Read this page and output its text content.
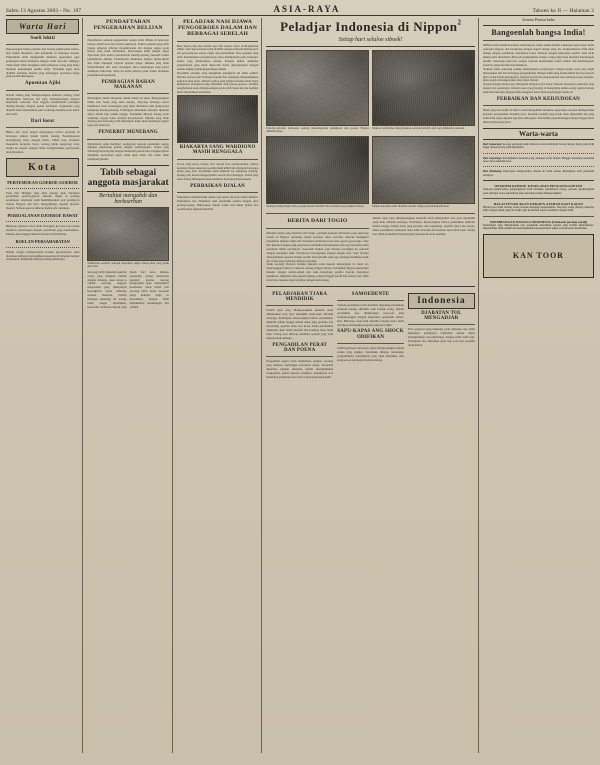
Sabtu 13 Agustus 2603 - No. 197	ASIA-RAYA	Tahoen ke II — Halaman 2
Warta Hari
Soeli lekiti
Kekoerangan bahan pakaian dan barang kebutoehan sehari-hari masih dirasakan oleh penduduk di beberapa daerah. Pemerintah telah mengambil tindakan seperlunya agar pembagian dapat berdjalan dengan tertib dan adil, sehingga rakjat ketjil tidak dirugikan oleh perbuatan orang jang hanja mentjari keuntungan sendiri sadja. Tindakan tegas akan diambil terhadap mereka jang melanggar peraturan harga jang soedah ditetapkan.
Apoentan Ajibi
Dalam sidang jang dilangsoengkan kemarin petang, telah dibitjarakan beberapa hal jang berhoeboengan dengan keperluan oemoem. Para anggota memberikan pendapat masing-masing dengan penuh perhatian. Keputusan jang diambil akan diumumkan pada waktunja melalui surat kabar dan radio.
Dari loear
Berita dari loear negeri menjatakan bahwa keadaan di beberapa tempat masih belum tenang. Pertempoeran berlangsung terus dengan hebat. Pihak jang bertahan menderita kerugian besar, sedang pihak penjerang terus madju ke moeka dengan tidak menghiraukan perlawanan jang diberikan.
Kota
PERTEMOEAN GOEROE-GOEROE
Pada hari Minggu jang akan datang akan diadakan pertemuan goeroe-goeroe sekolah rakjat di gedung pertemuan. Atjaranja ialah membitjarakan soal peladjaran bahasa Nippon dan tjara mengadjarnja kepada moerid-moerid. Semoea goeroe diharap hadir pada waktunja.
PERDJALANAN DJOEROE RAWAT
Beberapa djoeroe rawat telah berangkat ke loear kota untuk memberi pertolongan kepada penduduk jang memerlukan. Mereka akan tinggal disana beberapa hari lamanja.
BOELAN PERSAHABATAN
Dalam rangka memperingati boelan persahabatan akan diadakan pelbagai pertundjukan kesenian di beberapa tempat dalam kota. Penduduk diharap datang melihatnja.
PENDAFTARAN PENGERAHAN BELIJAN
Pendaftaran oentoek pengerahan tenaga telah dibuka di beberapa tempat dalam kota dan daerah sekitarnja. Semua pemuda jang telah tjukup umurnja diharap mendaftarkan diri dengan segera pada kantor jang telah ditentukan. Keterangan lebih landjut dapat diperoleh pada kantor pendaftaran masing-masing sesudah waktu pendaftaran ditutup. Pendaftaran dilakukan dengan tjuma-tjuma dan tidak dipungut bajaran apapun djuga. Mereka jang telah mendaftarkan diri akan mendapat surat keterangan jang harus disimpan baik-baik. Surat itu harus dibawa pada waktu diadakan pemeriksaan kesehatan.
PEMBAGIAN BAHAN MAKANAN
Pembagian bahan makanan untuk bulan ini akan dilangsungkan mulai hari Senin jang akan datang. Tiap-tiap keluarga harus membawa surat keterangan jang telah diberikan oleh pengoeroes kampung masing-masing. Pembagian dilakukan menurut djumlah djiwa dalam tiap rumah tangga. Penduduk diharap datang pada waktunja supaja tidak terdjadi keroeboetan. Mereka jang tidak datang pada hari jang telah ditetapkan tidak akan mendapat bagian lagi pada bulan ini.
PENERBIT MENEBANG
Pemerintah telah memberi peringatan kepada penduduk supaja djangan menebang pohon dengan sembarangan. Kajoe jang ditebang harus diganti dengan menanam pohon baru. Dengan djalan demikian persediaan kajoe tidak akan habis dan tanah tidak mendjadi gundul.
Tabib sebagai anggota masjarakat
Bertabiat mengabdi dan berkoerban
Pemberian soeloeh oentoek keperluan rakjat didesa-desa jang djauh dari kota.
Seorang tabib bukanlah sekedar orang jang mentjari nafkah dengan ilmunja, akan tetapi ia adalah seorang anggota masjarakat jang mempunjai kewadjiban besar terhadap sesama manusia. Dalam keadaan sekarang ini tenaga tabib sangat diperlukan, teroetama didaerah-daerah jang djauh dari kota, dimana penduduk sering menderita penjakit karena kurang mengetahui tjara memelihara kesehatan. Oleh sebab itoe seorang tabib harus bersedia pergi kemana sadja ia diperlukan, dengan tidak memikirkan keuntungan diri sendiri.
PELADJAR NASI DJAWA PENGOEROES DALAM DAN BERBAGAI SEBELAH
Hari Senin jang lalu dalam tapa dari kantor besar di Betjamatan rimba. Satu kepoetoesan telah diambil dengan maksud mempererat tali persaudaraan antara rakjat dan pemerintah. Para peladjar jang telah menamatkan peladjarannja akan ditempatkan pada beberapa kantor jang memerlukan tenaga. Dengan djalan demikian pengetahuan jang telah diperoleh dapat dipergunakan dengan sebaik-baiknja untuk kepentingan umum.
Djoemlah peladjar jang mengikuti peladjaran ini tidak sedikit. Mereka berasal dari berbagai daerah dan semuanja menundjukkan kegiatan jang besar. Dalam waktoe jang singkat mereka telah dapat menguasai peladjaran jang diberikan oleh goeroe-goeroe. Oedjian penghabisan akan dilangsoengkan pada achir bulan ini dan hasilnja akan diumumkan kemudian.
RIAKARYA SANG WARDIONO MASIH RENGGALA
Toean jang baroe datang dari daerah itoe mentjeritakan, bahwa keadaan disana sekarang soedah djauh lebih baik daripada beberapa bulan jang lalu. Penduduk telah kembali ke kampung masing-masing dan mulai mengerdjakan sawah dan ladangnja. Panen jang akan datang diharapkan akan memberi hasil jang memuaskan.
PERBAIKAN DJALAN
Pekerdjaan memperbaiki djalan raja antara dua kota telah dimulai. Pekerdjaan itoe dilakukan oleh penduduk sendiri dengan tjara gotong-rojong. Diharapkan dalam waktu dua bulan djalan itoe soedah dapat dipakai kembali.
Peladjar Indonesia di Nippon$^2$
Setiap hari selaloe siboek!
Peladjar-peladjar Indonesia sedang mendengarkan peladjaran dari goeroe Nippon didalam kelas.
Waktoe beristirahat dipergunakan oentoek berlatih olah raga dihalaman sekolah.
Sedang mempeladjari ilmoe pengetahuan didalam laboratorium jang lengkap alatnja.	Makan bersama-sama didalam asrama dengan penuh kegembiraan.
BERITA DARI TOGIO
Menurut berita jang diterima dari Togio, peladjar-peladjar Indonesia jang sekarang berada di Nippon semuanja dalam keadaan sehat wal'afiat. Mereka mengikuti peladjaran dengan radjin dan mendapat perhatian besar dari goeroe-goeroenja. Tiap hari mereka bangun pagi-pagi benar, kemudian melakoekan olah raga bersama-sama sebeloem mulai peladjaran. Sesoedah makan pagi mereka berangkat ke sekolah dengan berdjalan kaki. Peladjaran berlangsung sampai tengah hari. Sore harinja dipergunakan oentoek belajar sendiri atau berlatih olah raga. Dengan demikian tidak ada waktu jang terbuang dengan pertjuma.
Salah seorang diantara mereka menulis surat kepada keluarganja di tanah air, menerangkan bahwa ia merasa senang tinggal disana. Penduduk Nippon menerima mereka dengan ramah-tamah dan suka menolong apabila mereka mendapat kesukaran. Makanan dan pakaian tjukup, tempat tinggal bersih dan teratur rapi. Oleh sebab itoe mereka dapat beladjar dengan hati tenang.
Dalam rapat jang dilangsoengkan kemarin telah dibitjarakan soal tjara mendidik anak-anak didalam keluarga. Pembitjara menerangkan bahwa pendidikan didalam rumah tangga adalah dasar jang pertama dan terpenting. Apabila dasar itoe koeat, maka pendidikan disekolah akan lebih moedah dan hasilnja akan lebih baik. Orang toea diharap memberi tjontoh jang baik kepada anak-anaknja.
PELADJARAN TJARA MENDIDIK
Dalam rapat jang dilangsoengkan kemarin telah dibitjarakan soal tjara mendidik anak-anak didalam keluarga. Pembitjara menerangkan bahwa pendidikan didalam rumah tangga adalah dasar jang pertama dan terpenting. Apabila dasar itoe koeat, maka pendidikan disekolah akan lebih moedah dan hasilnja akan lebih baik. Orang toea diharap memberi tjontoh jang baik kepada anak-anaknja.
PENGADILAN PERAT DAN POENA
Pengadilan negeri telah memeriksa perkara seorang jang didakwa melanggar peraturan harga. Sesoedah diperiksa dengan saksama, hakim mendjatuhkan hoekoeman denda kepada terdakwa. Keputusan itoe mendapat perhatian besar dari orang banjak jang hadir.
SAMOEDENTE
Sebuah pertemuan telah diadakan digedung pertemuan kemarin petang, dihadliri oleh banjak orang. Dalam pertemuan itoe dibitjarakan soal-soal jang berhoeboengan dengan keperluan penduduk sehari-hari. Beberapa usul telah diterima dengan suara bulat dan akan disampaikan kepada jang berwadjib.
SAPU-KAPAS ANG SHOCK ODIFIKAN
Pembagian kain dan kapas akan dilangsoengkan dalam waktu jang singkat. Penduduk diharap menunggu pengumuman selandjutnja jang akan diberikan oleh pengoeroes kampung masing-masing.
Indonesia
DJABATAN TOL MENGADJAR
Para pegawai jang bekerdja pada djabatan itoe telah mendapat peladjaran tambahan supaja dapat mendjalankan kewadjibannja dengan lebih baik lagi. Peladjaran itoe diberikan pada tiap sore hari sesudah djam kantor.
Seroean Poetera India
Bangoenlah bangsa India!
PABILA kita melihat keadaan sekarang ini, maka sudah tibalah waktunja bagi bangsa India oentoek bangoen dan berdjoang dengan segala tenaga jang ada. Kemerdekaan tidak akan datang dengan sendirinja, melainkan harus direboet dengan kekoeatan sendiri. Kita telah tjukup lama menderita dibawah pendjadjahan bangsa asing jang hanja mentjari keuntungan sendiri. Sekarang telah tiba saatnja oentoek menentukan nasib sendiri dan membangoen tanah air jang merdeka dan makmoer.
Seluruh dunia sekarang sedang menjaksikan perdjoangan bangsa-bangsa Asia jang ingin melepaskan diri dari belenggu pendjadjahan. Bangsa India jang berdjoemlah beratoes djoeta djiwa tidak boleh ketinggalan. Dengan persatuan jang koekoeh dan semangat jang menjala-njala, segala rintangan pasti akan dapat diatasi.
Seroean bangsa India jang diutjapkan didepan rapat besar kemarin mendapat sambutan jang hangat dari pendengar. Dengan suara jang lantang ia mengadjak semua orang supaja bersatu padu dan bekerdja dengan tidak mengenal lelah demi kepentingan tanah air.
PERBAIKAN DAN KEDJUDOEAN
Pihak jang berwadjib di Djawa telah mengambil tindakan seperlunja oentoek memperbaiki keadaan peroemahan didalam kota. Roemah-roemah jang rusak akan diperbaiki dan jang telah tidak dapat dipakai lagi akan dibongkar. Penduduk jang kehilangan tempat tinggal akan diberi tempat jang baru.
Warta-warta
Dari Semarang Seorang pedagang telah didenda karena mendjual barang dengan harga jang lebih tinggi daripada jang telah ditetapkan.
Dari Soerabaja Pertundjukan kesenian jang diadakan pada malam Minggu mendapat perhatian besar dari penduduk kota.
Dari Bandoeng Pekerdjaan memperbaiki saluran air telah selesai dikerdjakan oleh penduduk setempat.
OEMOEM KOMOE: KESELATAN PENGANGGOETAN
Oentoek memberantas pengangguran telah diadakan pendaftaran tenaga oentoek dipekerdjakan pada pelbagai roepa pekerdjaan jang sekarang sedang dilangsoengkan.
BALAI TENAH AKAN KEROEN AJAHAN KAFI KAFAN
Pinjam-pasa telah bersiap sedia oentoek mendjaga keselamatan. Tiap-tiap orang diharap bekerdja sama dengan pihak jang berwadjib agar keamanan dapat terpelihara dengan baik.
SOEMBANGAN BANGSA INDONESIA (Oentoek perang soetji)
Sumbangan jang dikumpulkan dari penduduk diserahkan kepada jang berhak menerimanja. Djoemlahnja tidak sedikit dan menundjukkan besarnja hasrat rakjat oentoek ikoet membantu.
KAN TOOR
